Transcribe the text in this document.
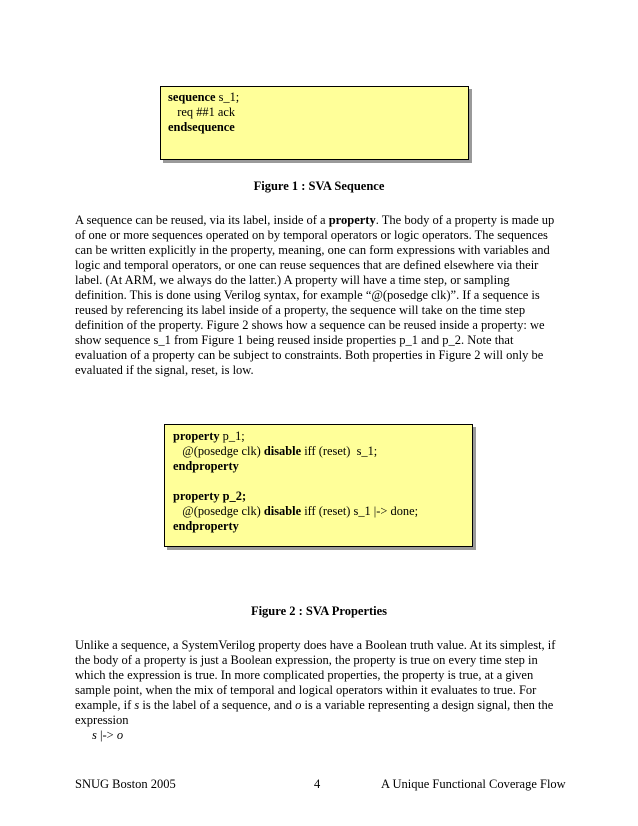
sequence s_1;
req ##1 ack
endsequence
Figure 1 : SVA Sequence
A sequence can be reused, via its label, inside of a property. The body of a property is made up
of one or more sequences operated on by temporal operators or logic operators. The sequences
can be written explicitly in the property, meaning, one can form expressions with variables and
logic and temporal operators, or one can reuse sequences that are defined elsewhere via their
label. (At ARM, we always do the latter.) A property will have a time step, or sampling
definition. This is done using Verilog syntax, for example “@(posedge clk)”. If a sequence is
reused by referencing its label inside of a property, the sequence will take on the time step
definition of the property. Figure 2 shows how a sequence can be reused inside a property: we
show sequence s_1 from Figure 1 being reused inside properties p_1 and p_2. Note that
evaluation of a property can be subject to constraints. Both properties in Figure 2 will only be
evaluated if the signal, reset, is low.
property p_1;
@(posedge clk) disable iff (reset)  s_1;
endproperty

property p_2;
@(posedge clk) disable iff (reset) s_1 |-> done;
endproperty
Figure 2 : SVA Properties
Unlike a sequence, a SystemVerilog property does have a Boolean truth value. At its simplest, if
the body of a property is just a Boolean expression, the property is true on every time step in
which the expression is true. In more complicated properties, the property is true, at a given
sample point, when the mix of temporal and logical operators within it evaluates to true. For
example, if s is the label of a sequence, and o is a variable representing a design signal, then the
expression
s |-> o
SNUG Boston 2005	4	A Unique Functional Coverage Flow
